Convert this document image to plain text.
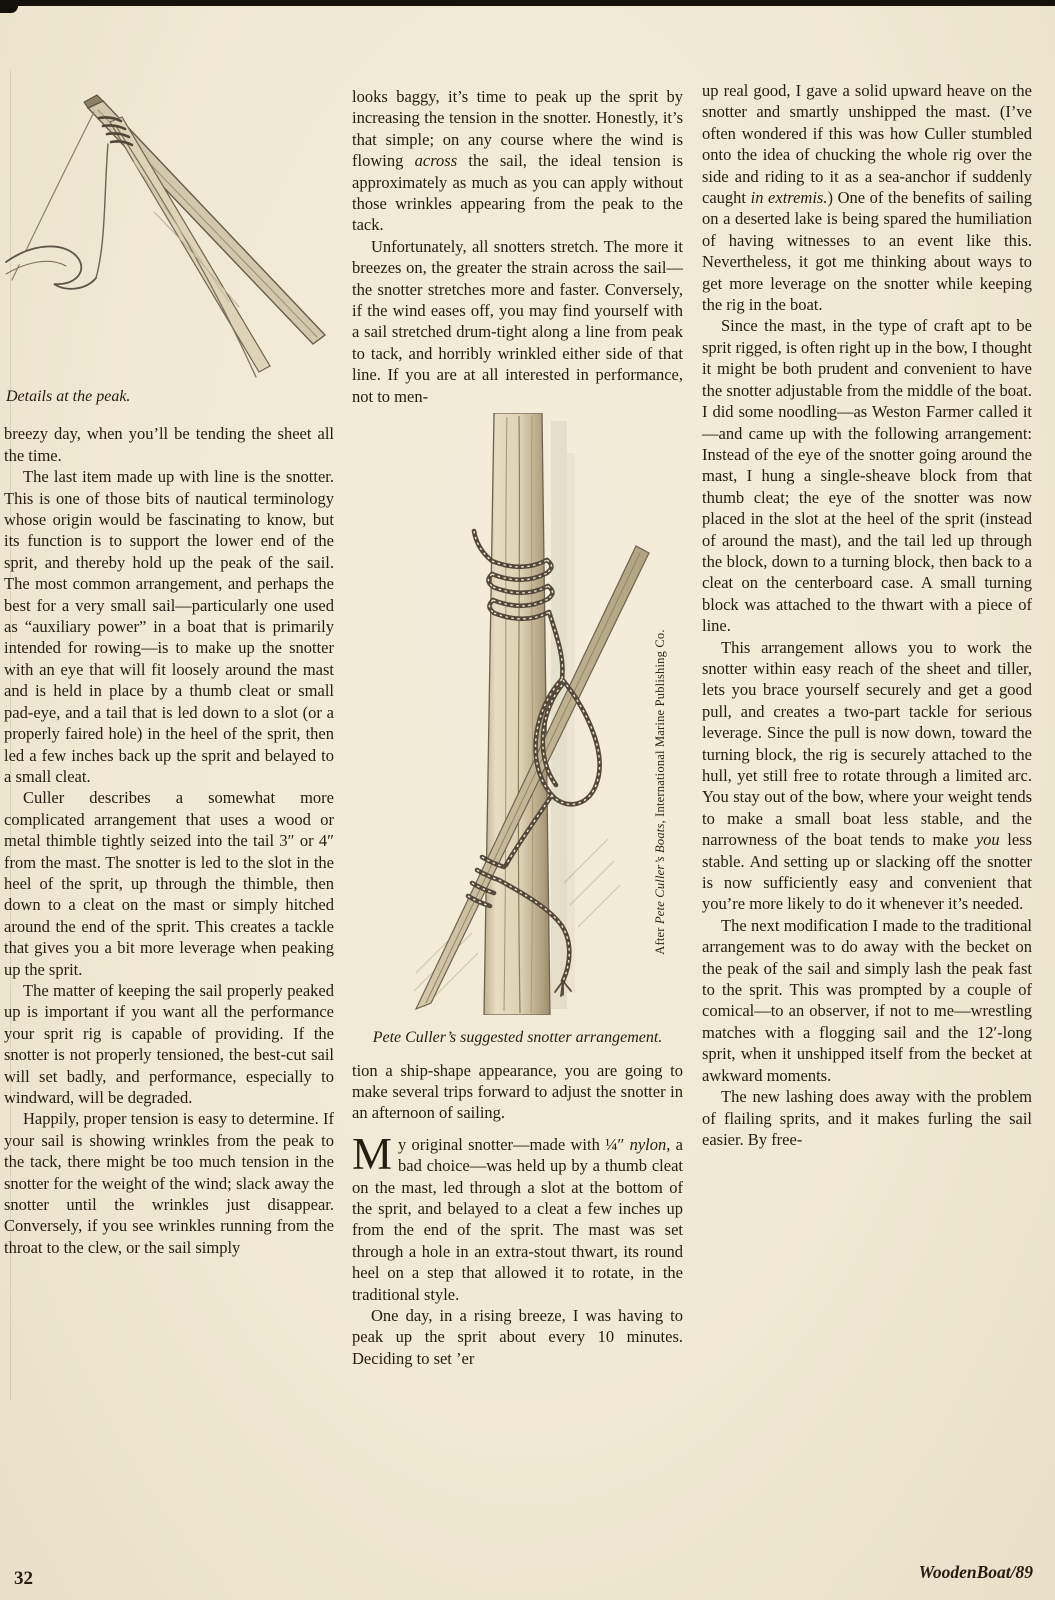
Details at the peak.

breezy day, when you’ll be tending the sheet all the time.

The last item made up with line is the snotter. This is one of those bits of nautical terminology whose origin would be fascinating to know, but its function is to support the lower end of the sprit, and thereby hold up the peak of the sail. The most common arrangement, and perhaps the best for a very small sail—particularly one used as “auxiliary power” in a boat that is primarily intended for rowing—is to make up the snotter with an eye that will fit loosely around the mast and is held in place by a thumb cleat or small pad-eye, and a tail that is led down to a slot (or a properly faired hole) in the heel of the sprit, then led a few inches back up the sprit and belayed to a small cleat.

Culler describes a somewhat more complicated arrangement that uses a wood or metal thimble tightly seized into the tail 3″ or 4″ from the mast. The snotter is led to the slot in the heel of the sprit, up through the thimble, then down to a cleat on the mast or simply hitched around the end of the sprit. This creates a tackle that gives you a bit more leverage when peaking up the sprit.

The matter of keeping the sail properly peaked up is important if you want all the performance your sprit rig is capable of providing. If the snotter is not properly tensioned, the best-cut sail will set badly, and performance, especially to windward, will be degraded.

Happily, proper tension is easy to determine. If your sail is showing wrinkles from the peak to the tack, there might be too much tension in the snotter for the weight of the wind; slack away the snotter until the wrinkles just disappear. Conversely, if you see wrinkles running from the throat to the clew, or the sail simply

looks baggy, it’s time to peak up the sprit by increasing the tension in the snotter. Honestly, it’s that simple; on any course where the wind is flowing across the sail, the ideal tension is approximately as much as you can apply without those wrinkles appearing from the peak to the tack.

Unfortunately, all snotters stretch. The more it breezes on, the greater the strain across the sail—the snotter stretches more and faster. Conversely, if the wind eases off, you may find yourself with a sail stretched drum-tight along a line from peak to tack, and horribly wrinkled either side of that line. If you are at all interested in performance, not to men-

After Pete Culler’s Boats, International Marine Publishing Co.

Pete Culler’s suggested snotter arrangement.

tion a ship-shape appearance, you are going to make several trips forward to adjust the snotter in an afternoon of sailing.

My original snotter—made with ¼″ nylon, a bad choice—was held up by a thumb cleat on the mast, led through a slot at the bottom of the sprit, and belayed to a cleat a few inches up from the end of the sprit. The mast was set through a hole in an extra-stout thwart, its round heel on a step that allowed it to rotate, in the traditional style.

One day, in a rising breeze, I was having to peak up the sprit about every 10 minutes. Deciding to set ’er

up real good, I gave a solid upward heave on the snotter and smartly unshipped the mast. (I’ve often wondered if this was how Culler stumbled onto the idea of chucking the whole rig over the side and riding to it as a sea-anchor if suddenly caught in extremis.) One of the benefits of sailing on a deserted lake is being spared the humiliation of having witnesses to an event like this. Nevertheless, it got me thinking about ways to get more leverage on the snotter while keeping the rig in the boat.

Since the mast, in the type of craft apt to be sprit rigged, is often right up in the bow, I thought it might be both prudent and convenient to have the snotter adjustable from the middle of the boat. I did some noodling—as Weston Farmer called it—and came up with the following arrangement: Instead of the eye of the snotter going around the mast, I hung a single-sheave block from that thumb cleat; the eye of the snotter was now placed in the slot at the heel of the sprit (instead of around the mast), and the tail led up through the block, down to a turning block, then back to a cleat on the centerboard case. A small turning block was attached to the thwart with a piece of line.

This arrangement allows you to work the snotter within easy reach of the sheet and tiller, lets you brace yourself securely and get a good pull, and creates a two-part tackle for serious leverage. Since the pull is now down, toward the turning block, the rig is securely attached to the hull, yet still free to rotate through a limited arc. You stay out of the bow, where your weight tends to make a small boat less stable, and the narrowness of the boat tends to make you less stable. And setting up or slacking off the snotter is now sufficiently easy and convenient that you’re more likely to do it whenever it’s needed.

The next modification I made to the traditional arrangement was to do away with the becket on the peak of the sail and simply lash the peak fast to the sprit. This was prompted by a couple of comical—to an observer, if not to me—wrestling matches with a flogging sail and the 12′-long sprit, when it unshipped itself from the becket at awkward moments.

The new lashing does away with the problem of flailing sprits, and it makes furling the sail easier. By free-

32	WoodenBoat/89
